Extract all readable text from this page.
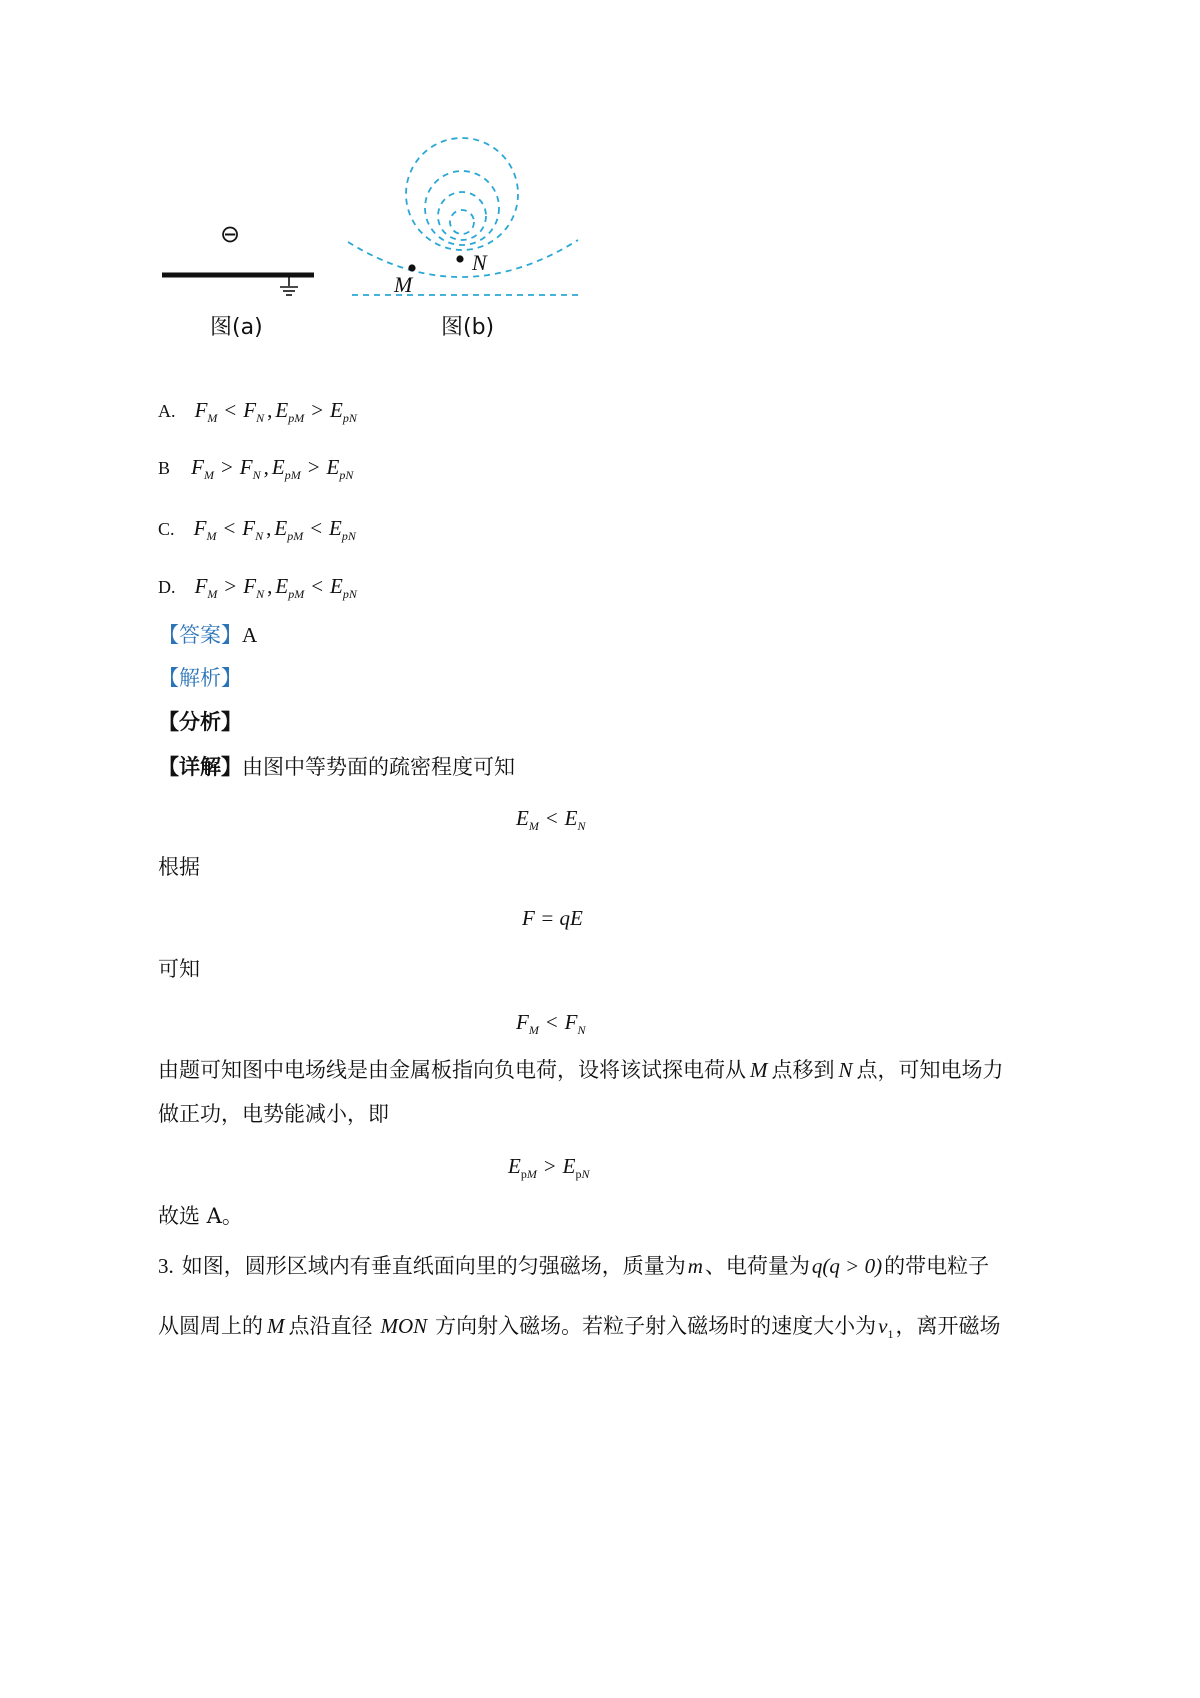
⊖
图(a)
M
N
图(b)
A. $F_M < F_N$ , $E_{pM} > E_{pN}$
B $F_M > F_N$ , $E_{pM} > E_{pN}$
C. $F_M < F_N$ , $E_{pM} < E_{pN}$
D. $F_M > F_N$ , $E_{pM} < E_{pN}$
【答案】A
【解析】
【分析】
【详解】由图中等势面的疏密程度可知
$E_M < E_N$
根据
F = qE
可知
$F_M < F_N$
由题可知图中电场线是由金属板指向负电荷，设将该试探电荷从 M 点移到 N 点，可知电场力
做正功，电势能减小，即
$E_{pM} > E_{pN}$
故选 A。
3. 如图，圆形区域内有垂直纸面向里的匀强磁场，质量为m、电荷量为q(q > 0)的带电粒子
从圆周上的 M 点沿直径 MON 方向射入磁场。若粒子射入磁场时的速度大小为$v_1$，离开磁场
